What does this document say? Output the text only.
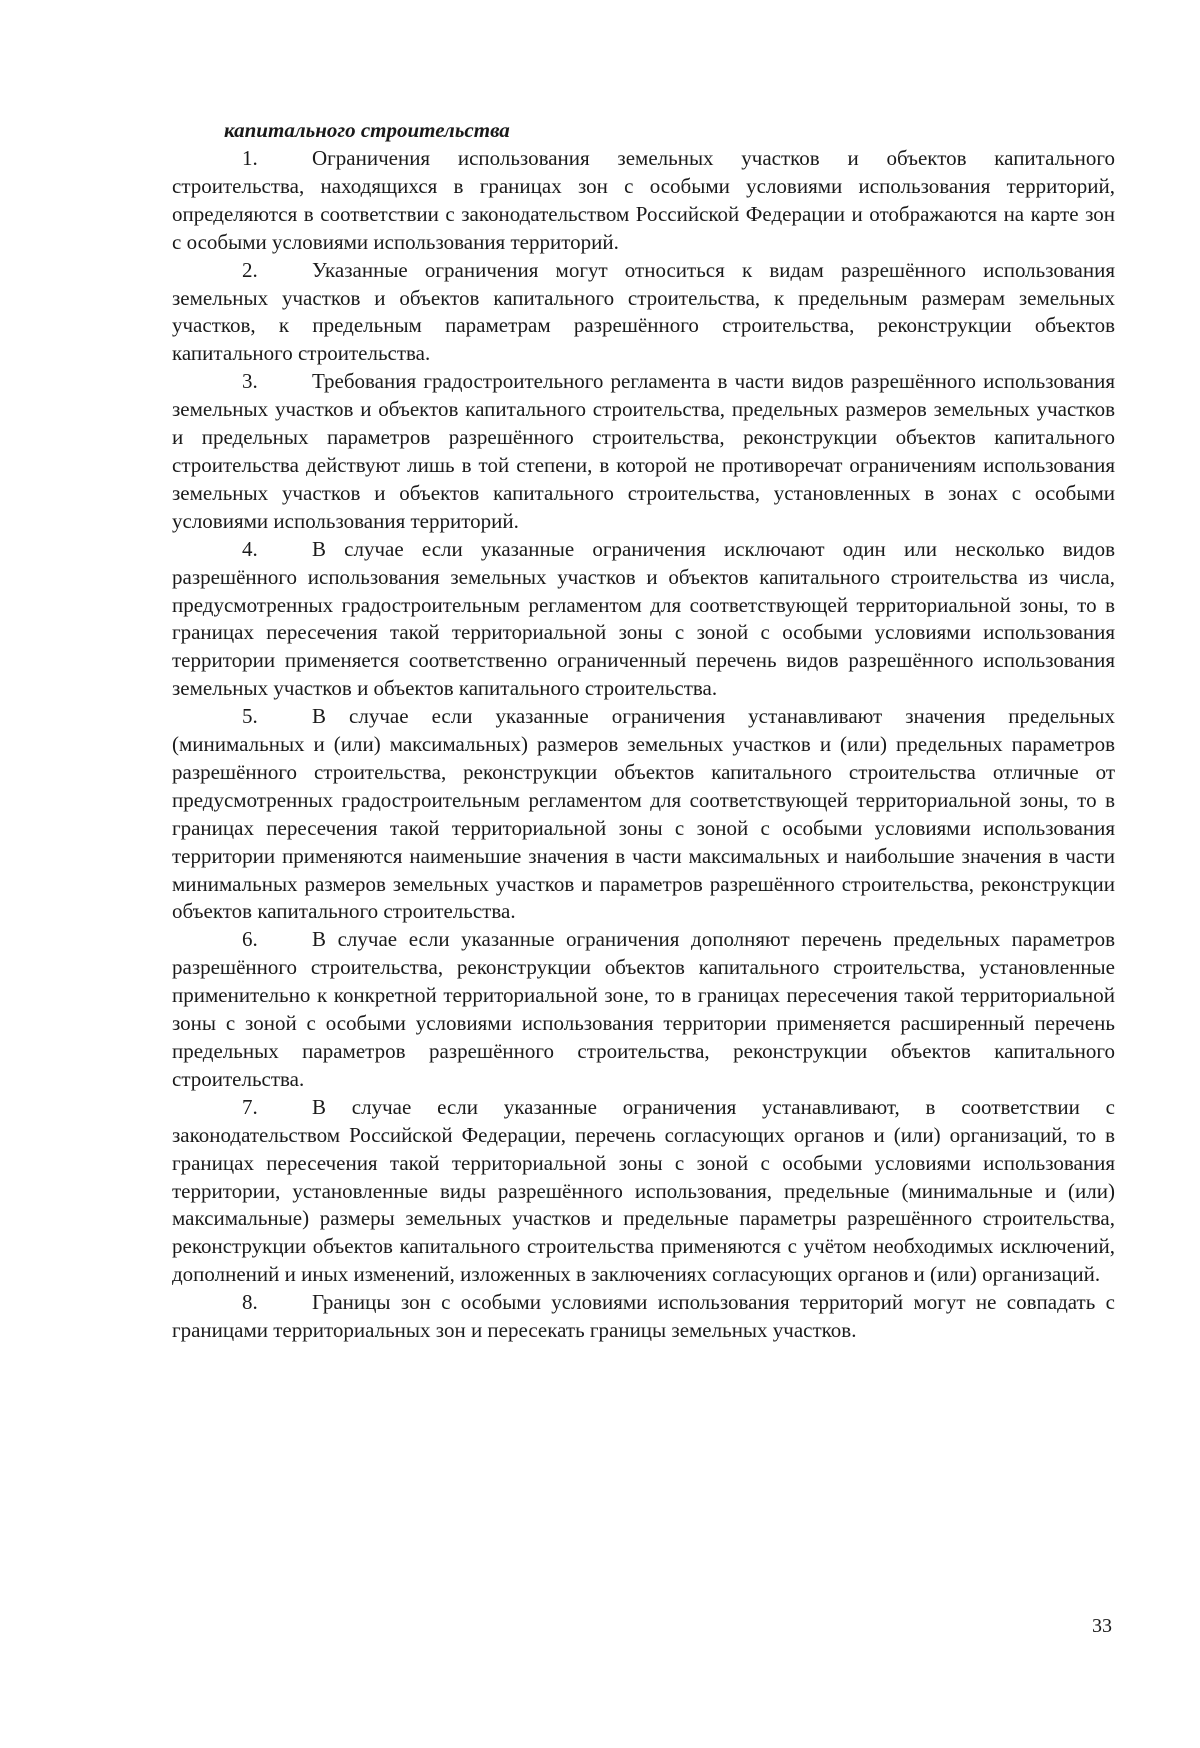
капитального строительства

1.	Ограничения использования земельных участков и объектов капитального строительства, находящихся в границах зон с особыми условиями использования территорий, определяются в соответствии с законодательством Российской Федерации и отображаются на карте зон с особыми условиями использования территорий.

2.	Указанные ограничения могут относиться к видам разрешённого использования земельных участков и объектов капитального строительства, к предельным размерам земельных участков, к предельным параметрам разрешённого строительства, реконструкции объектов капитального строительства.

3.	Требования градостроительного регламента в части видов разрешённого использования земельных участков и объектов капитального строительства, предельных размеров земельных участков и предельных параметров разрешённого строительства, реконструкции объектов капитального строительства действуют лишь в той степени, в которой не противоречат ограничениям использования земельных участков и объектов капитального строительства, установленных в зонах с особыми условиями использования территорий.

4.	В случае если указанные ограничения исключают один или несколько видов разрешённого использования земельных участков и объектов капитального строительства из числа, предусмотренных градостроительным регламентом для соответствующей территориальной зоны, то в границах пересечения такой территориальной зоны с зоной с особыми условиями использования территории применяется соответственно ограниченный перечень видов разрешённого использования земельных участков и объектов капитального строительства.

5.	В случае если указанные ограничения устанавливают значения предельных (минимальных и (или) максимальных) размеров земельных участков и (или) предельных параметров разрешённого строительства, реконструкции объектов капитального строительства отличные от предусмотренных градостроительным регламентом для соответствующей территориальной зоны, то в границах пересечения такой территориальной зоны с зоной с особыми условиями использования территории применяются наименьшие значения в части максимальных и наибольшие значения в части минимальных размеров земельных участков и параметров разрешённого строительства, реконструкции объектов капитального строительства.

6.	В случае если указанные ограничения дополняют перечень предельных параметров разрешённого строительства, реконструкции объектов капитального строительства, установленные применительно к конкретной территориальной зоне, то в границах пересечения такой территориальной зоны с зоной с особыми условиями использования территории применяется расширенный перечень предельных параметров разрешённого строительства, реконструкции объектов капитального строительства.

7.	В случае если указанные ограничения устанавливают, в соответствии с законодательством Российской Федерации, перечень согласующих органов и (или) организаций, то в границах пересечения такой территориальной зоны с зоной с особыми условиями использования территории, установленные виды разрешённого использования, предельные (минимальные и (или) максимальные) размеры земельных участков и предельные параметры разрешённого строительства, реконструкции объектов капитального строительства применяются с учётом необходимых исключений, дополнений и иных изменений, изложенных в заключениях согласующих органов и (или) организаций.

8.	Границы зон с особыми условиями использования территорий могут не совпадать с границами территориальных зон и пересекать границы земельных участков.

33
